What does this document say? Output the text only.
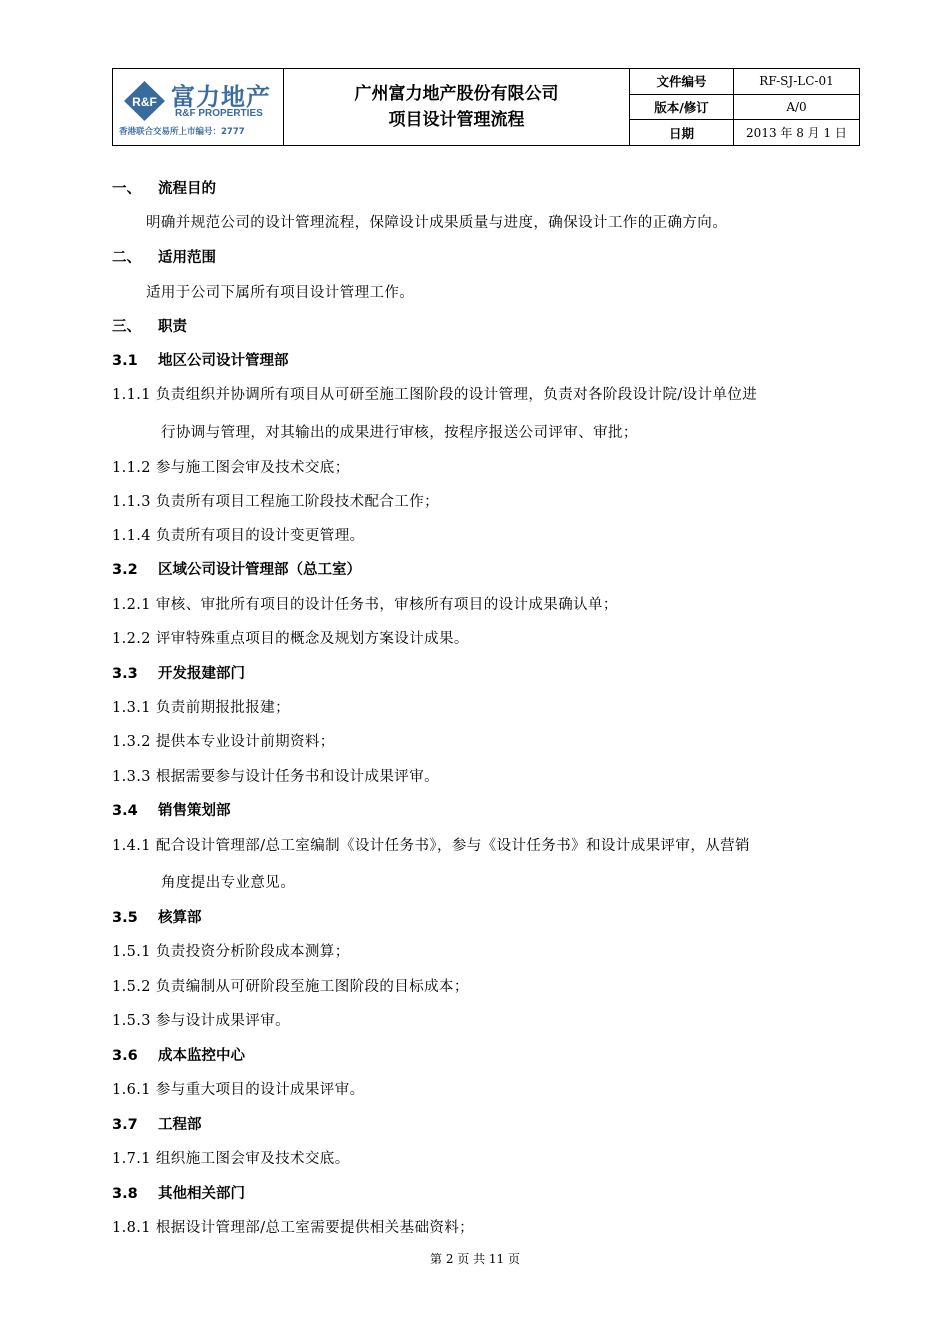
R&F 富力地产
R&F PROPERTIES
香港联合交易所上市编号：2777
广州富力地产股份有限公司
项目设计管理流程
文件编号	RF-SJ-LC-01
版本/修订	A/0
日期	2013 年 8 月 1 日
一、 流程目的
明确并规范公司的设计管理流程，保障设计成果质量与进度，确保设计工作的正确方向。
二、 适用范围
适用于公司下属所有项目设计管理工作。
三、 职责
3.1 地区公司设计管理部
1.1.1 负责组织并协调所有项目从可研至施工图阶段的设计管理，负责对各阶段设计院/设计单位进
行协调与管理，对其输出的成果进行审核，按程序报送公司评审、审批；
1.1.2 参与施工图会审及技术交底；
1.1.3 负责所有项目工程施工阶段技术配合工作；
1.1.4 负责所有项目的设计变更管理。
3.2 区域公司设计管理部（总工室）
1.2.1 审核、审批所有项目的设计任务书，审核所有项目的设计成果确认单；
1.2.2 评审特殊重点项目的概念及规划方案设计成果。
3.3 开发报建部门
1.3.1 负责前期报批报建；
1.3.2 提供本专业设计前期资料；
1.3.3 根据需要参与设计任务书和设计成果评审。
3.4 销售策划部
1.4.1 配合设计管理部/总工室编制《设计任务书》，参与《设计任务书》和设计成果评审，从营销
角度提出专业意见。
3.5 核算部
1.5.1 负责投资分析阶段成本测算；
1.5.2 负责编制从可研阶段至施工图阶段的目标成本；
1.5.3 参与设计成果评审。
3.6 成本监控中心
1.6.1 参与重大项目的设计成果评审。
3.7 工程部
1.7.1 组织施工图会审及技术交底。
3.8 其他相关部门
1.8.1 根据设计管理部/总工室需要提供相关基础资料；
第 2 页 共 11 页
